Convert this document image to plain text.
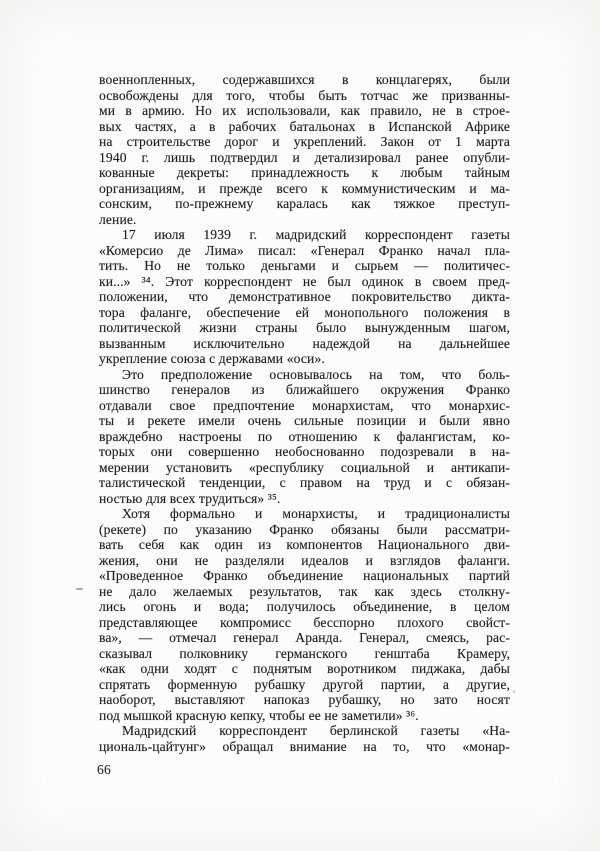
военнопленных, содержавшихся в концлагерях, были
освобождены для того, чтобы быть тотчас же призванны-
ми в армию. Но их использовали, как правило, не в строе-
вых частях, а в рабочих батальонах в Испанской Африке
на строительстве дорог и укреплений. Закон от 1 марта
1940 г. лишь подтвердил и детализировал ранее опубли-
кованные декреты: принадлежность к любым тайным
организациям, и прежде всего к коммунистическим и ма-
сонским, по-прежнему каралась как тяжкое преступ-
ление.
17 июля 1939 г. мадридский корреспондент газеты
«Комерсио де Лима» писал: «Генерал Франко начал пла-
тить. Но не только деньгами и сырьем — политичес-
ки...» ³⁴. Этот корреспондент не был одинок в своем пред-
положении, что демонстративное покровительство дикта-
тора фаланге, обеспечение ей монопольного положения в
политической жизни страны было вынужденным шагом,
вызванным исключительно надеждой на дальнейшее
укрепление союза с державами «оси».
Это предположение основывалось на том, что боль-
шинство генералов из ближайшего окружения Франко
отдавали свое предпочтение монархистам, что монархис-
ты и рекете имели очень сильные позиции и были явно
враждебно настроены по отношению к фалангистам, ко-
торых они совершенно необоснованно подозревали в на-
мерении установить «республику социальной и антикапи-
талистической тенденции, с правом на труд и с обязан-
ностью для всех трудиться» ³⁵.
Хотя формально и монархисты, и традиционалисты
(рекете) по указанию Франко обязаны были рассматри-
вать себя как один из компонентов Национального дви-
жения, они не разделяли идеалов и взглядов фаланги.
«Проведенное Франко объединение национальных партий
не дало желаемых результатов, так как здесь столкну-
лись огонь и вода; получилось объединение, в целом
представляющее компромисс бесспорно плохого свойст-
ва», — отмечал генерал Аранда. Генерал, смеясь, рас-
сказывал полковнику германского генштаба Крамеру,
«как одни ходят с поднятым воротником пиджака, дабы
спрятать форменную рубашку другой партии, а другие,
наоборот, выставляют напоказ рубашку, но зато носят
под мышкой красную кепку, чтобы ее не заметили» ³⁶.
Мадридский корреспондент берлинской газеты «На-
циональ-цайтунг» обращал внимание на то, что «монар-
66
